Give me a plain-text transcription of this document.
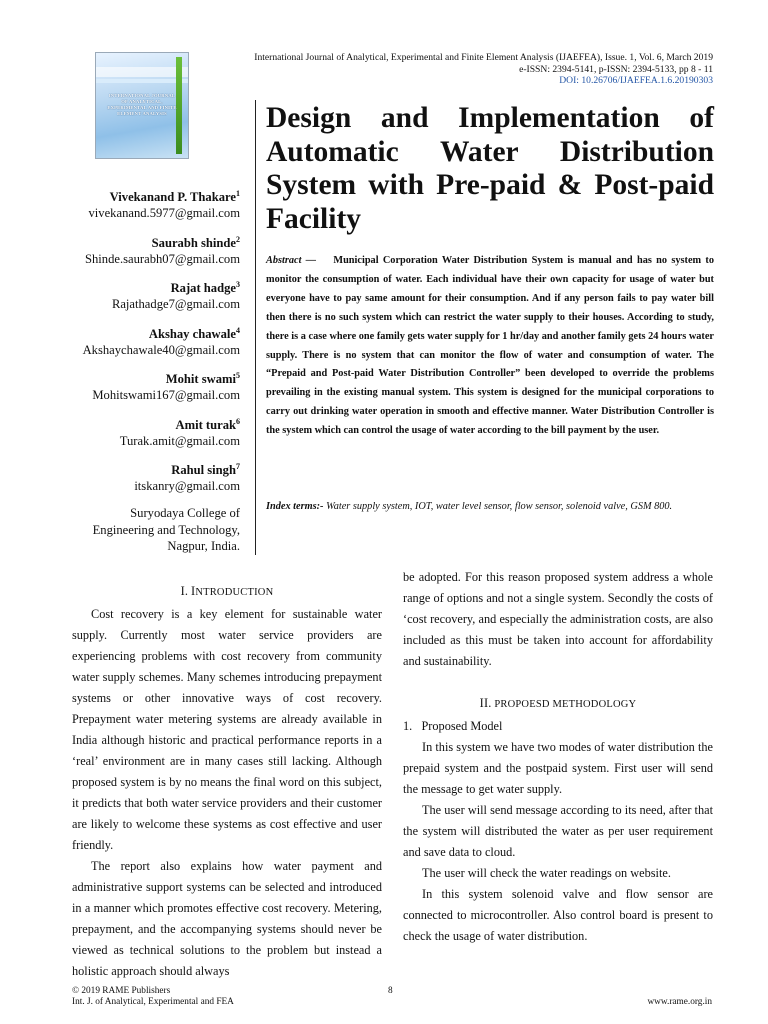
International Journal of Analytical, Experimental and Finite Element Analysis (IJAEFEA), Issue. 1, Vol. 6, March 2019
e-ISSN: 2394-5141, p-ISSN: 2394-5133, pp 8 - 11
DOI: 10.26706/IJAEFEA.1.6.20190303
INTERNATIONAL JOURNAL
OF ANALYTICAL,
EXPERIMENTAL AND FINITE
ELEMENT ANALYSIS
Vivekanand P. Thakare$^1$
vivekanand.5977@gmail.com
Saurabh shinde$^2$
Shinde.saurabh07@gmail.com
Rajat hadge$^3$
Rajathadge7@gmail.com
Akshay chawale$^4$
Akshaychawale40@gmail.com
Mohit swami$^5$
Mohitswami167@gmail.com
Amit turak$^6$
Turak.amit@gmail.com
Rahul singh$^7$
itskanry@gmail.com
Suryodaya College of
Engineering and Technology,
Nagpur, India.
Design and Implementation of Automatic Water Distribution System with Pre-paid & Post-paid Facility
Abstract — Municipal Corporation Water Distribution System is manual and has no system to monitor the consumption of water. Each individual have their own capacity for usage of water but everyone have to pay same amount for their consumption. And if any person fails to pay water bill then there is no such system which can restrict the water supply to their houses. According to study, there is a case where one family gets water supply for 1 hr/day and another family gets 24 hours water supply. There is no system that can monitor the flow of water and consumption of water. The “Prepaid and Post-paid Water Distribution Controller” been developed to override the problems prevailing in the existing manual system. This system is designed for the municipal corporations to carry out drinking water operation in smooth and effective manner. Water Distribution Controller is the system which can control the usage of water according to the bill payment by the user.
Index terms:- Water supply system, IOT, water level sensor, flow sensor, solenoid valve, GSM 800.
I. INTRODUCTION

Cost recovery is a key element for sustainable water supply. Currently most water service providers are experiencing problems with cost recovery from community water supply schemes. Many schemes introducing prepayment systems or other innovative ways of cost recovery. Prepayment water metering systems are already available in India although historic and practical performance reports in a ‘real’ environment are in many cases still lacking. Although proposed system is by no means the final word on this subject, it predicts that both water service providers and their customer are likely to welcome these systems as cost effective and user friendly.

The report also explains how water payment and administrative support systems can be selected and introduced in a manner which promotes effective cost recovery. Metering, prepayment, and the accompanying systems should never be viewed as technical solutions to the problem but instead a holistic approach should always

be adopted. For this reason proposed system address a whole range of options and not a single system. Secondly the costs of ‘cost recovery, and especially the administration costs, are also included as this must be taken into account for affordability and sustainability.

II. PROPOESD METHODOLOGY

1. Proposed Model

In this system we have two modes of water distribution the prepaid system and the postpaid system. First user will send the message to get water supply.

The user will send message according to its need, after that the system will distributed the water as per user requirement and save data to cloud.

The user will check the water readings on website.

In this system solenoid valve and flow sensor are connected to microcontroller. Also control board is present to check the usage of water distribution.

© 2019 RAME Publishers
Int. J. of Analytical, Experimental and FEA
8
www.rame.org.in
